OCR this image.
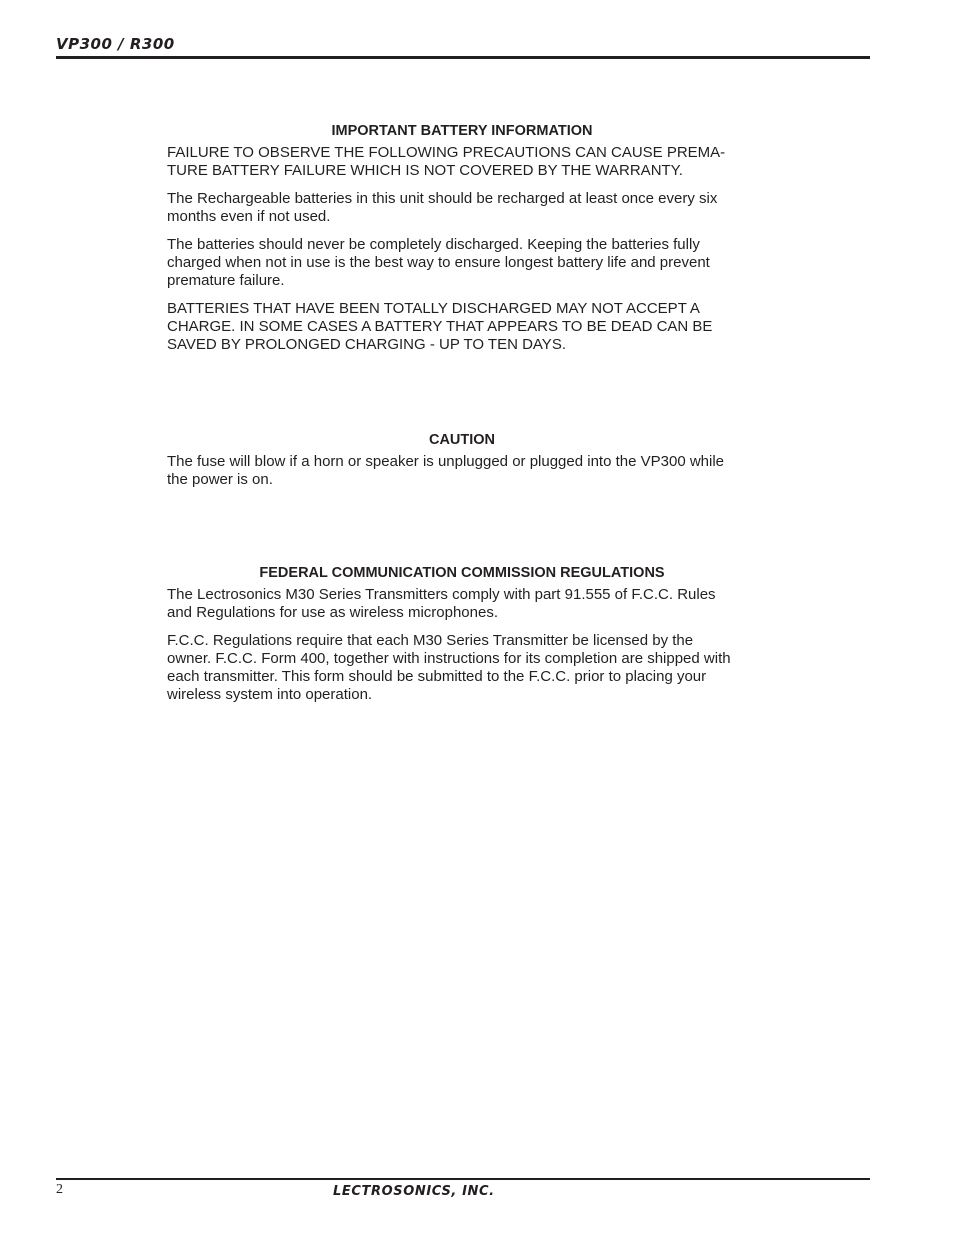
VP300 / R300
IMPORTANT BATTERY INFORMATION

FAILURE TO OBSERVE THE FOLLOWING PRECAUTIONS CAN CAUSE PREMA-
TURE BATTERY FAILURE WHICH IS NOT COVERED BY THE WARRANTY.

The Rechargeable batteries in this unit should be recharged at least once every six
months even if not used.

The batteries should never be completely discharged. Keeping the batteries fully
charged when not in use is the best way to ensure longest battery life and prevent
premature failure.

BATTERIES THAT HAVE BEEN TOTALLY DISCHARGED MAY NOT ACCEPT A
CHARGE. IN SOME CASES A BATTERY THAT APPEARS TO BE DEAD CAN BE
SAVED BY PROLONGED CHARGING - UP TO TEN DAYS.

CAUTION

The fuse will blow if a horn or speaker is unplugged or plugged into the VP300 while
the power is on.

FEDERAL COMMUNICATION COMMISSION REGULATIONS

The Lectrosonics M30 Series Transmitters comply with part 91.555 of F.C.C. Rules
and Regulations for use as wireless microphones.

F.C.C. Regulations require that each M30 Series Transmitter be licensed by the
owner. F.C.C. Form 400, together with instructions for its completion are shipped with
each transmitter. This form should be submitted to the F.C.C. prior to placing your
wireless system into operation.

2	LECTROSONICS, INC.
